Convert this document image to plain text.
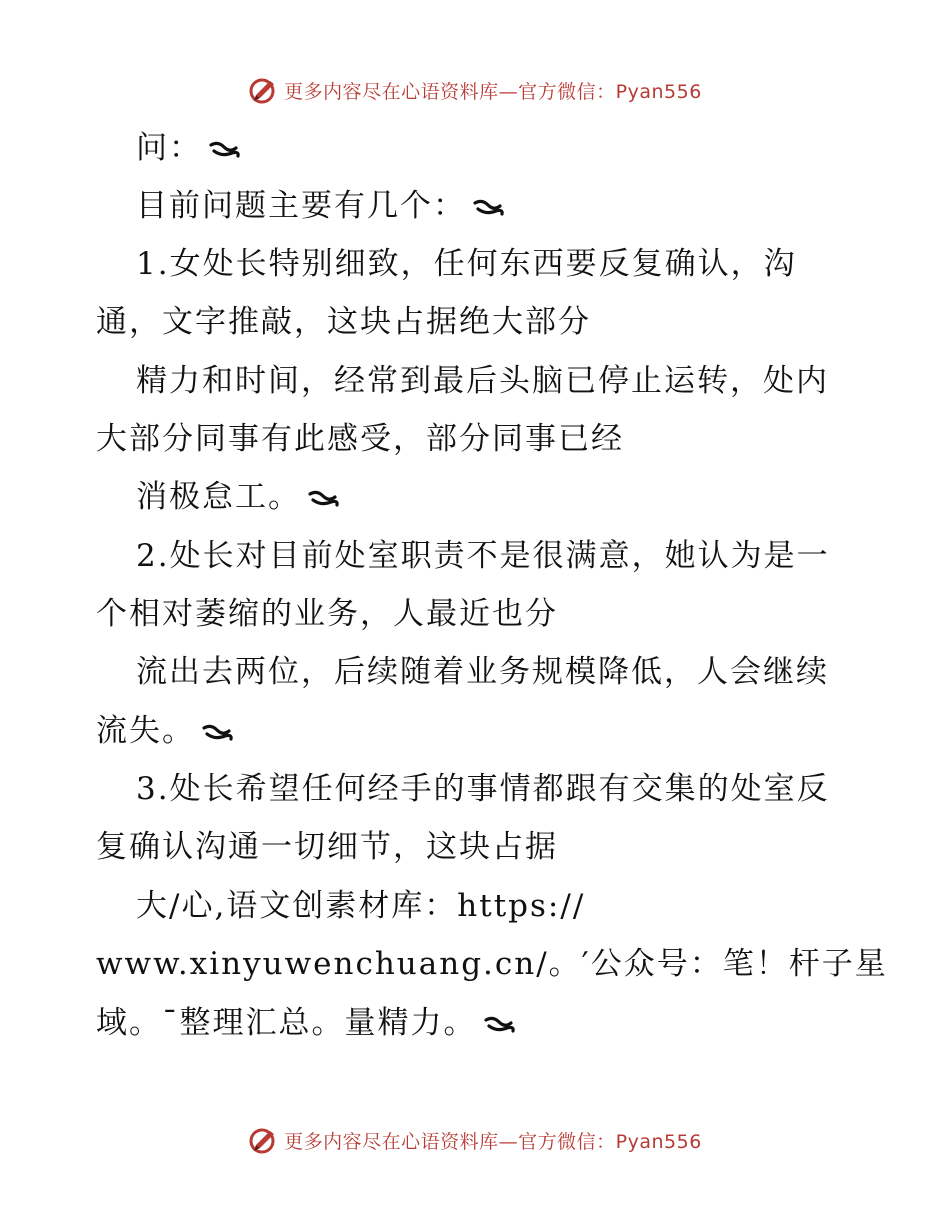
更多内容尽在心语资料库—官方微信：Pyan556
问：
目前问题主要有几个：
1.女处长特别细致，任何东西要反复确认，沟
通，文字推敲，这块占据绝大部分
精力和时间，经常到最后头脑已停止运转，处内
大部分同事有此感受，部分同事已经
消极怠工。
2.处长对目前处室职责不是很满意，她认为是一
个相对萎缩的业务，人最近也分
流出去两位，后续随着业务规模降低，人会继续
流失。
3.处长希望任何经手的事情都跟有交集的处室反
复确认沟通一切细节，这块占据
大/心,语文创素材库：https://
www.xinyuwenchuang.cn/。′公众号：笔！杆子星
域。¯整理汇总。量精力。
更多内容尽在心语资料库—官方微信：Pyan556
